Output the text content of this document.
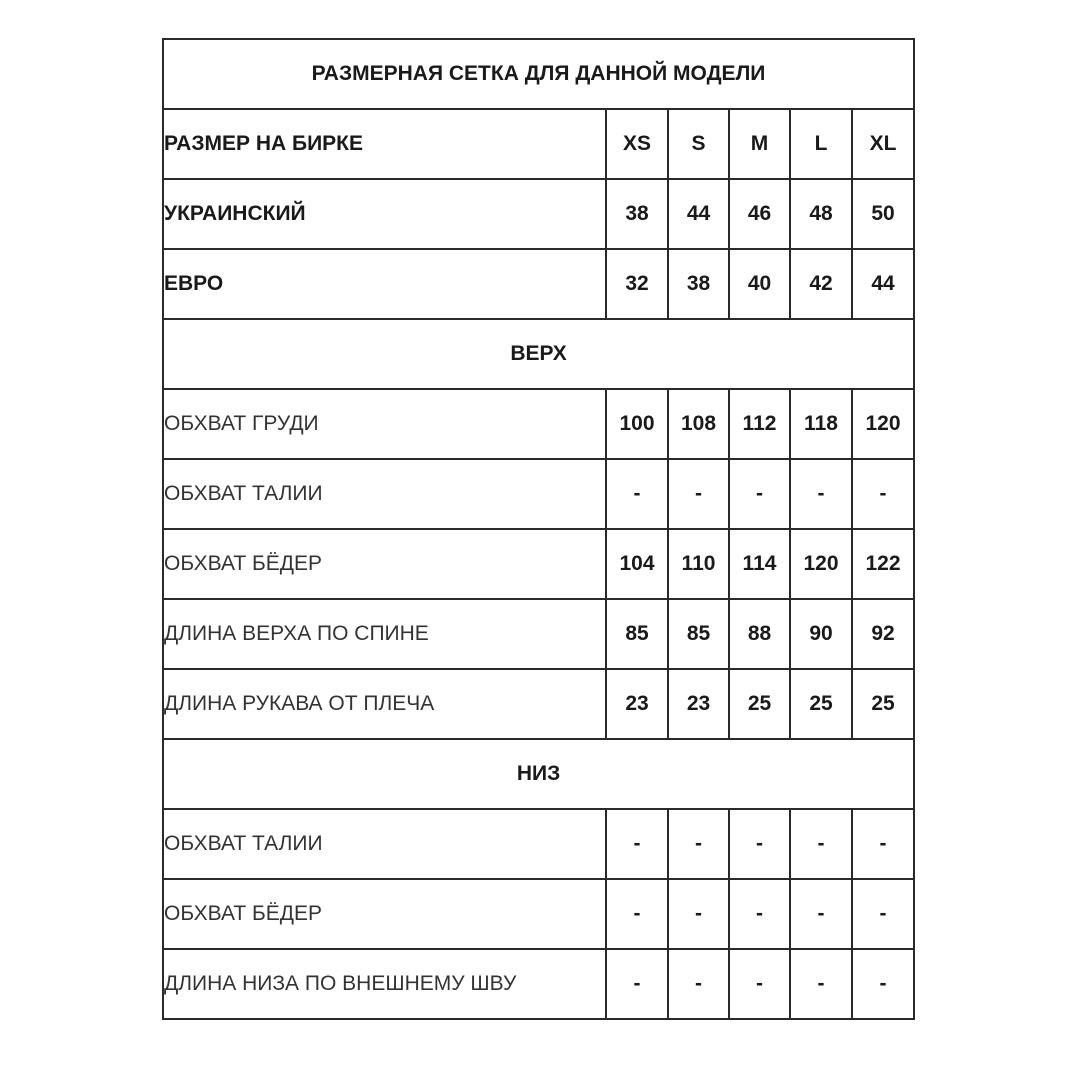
РАЗМЕРНАЯ СЕТКА ДЛЯ ДАННОЙ МОДЕЛИ					
РАЗМЕР НА БИРКЕ	XS	S	M	L	XL
УКРАИНСКИЙ	38	44	46	48	50
ЕВРО	32	38	40	42	44
ВЕРХ					
ОБХВАТ ГРУДИ	100	108	112	118	120
ОБХВАТ ТАЛИИ	-	-	-	-	-
ОБХВАТ БЁДЕР	104	110	114	120	122
ДЛИНА ВЕРХА ПО СПИНЕ	85	85	88	90	92
ДЛИНА РУКАВА ОТ ПЛЕЧА	23	23	25	25	25
НИЗ					
ОБХВАТ ТАЛИИ	-	-	-	-	-
ОБХВАТ БЁДЕР	-	-	-	-	-
ДЛИНА НИЗА ПО ВНЕШНЕМУ ШВУ	-	-	-	-	-
